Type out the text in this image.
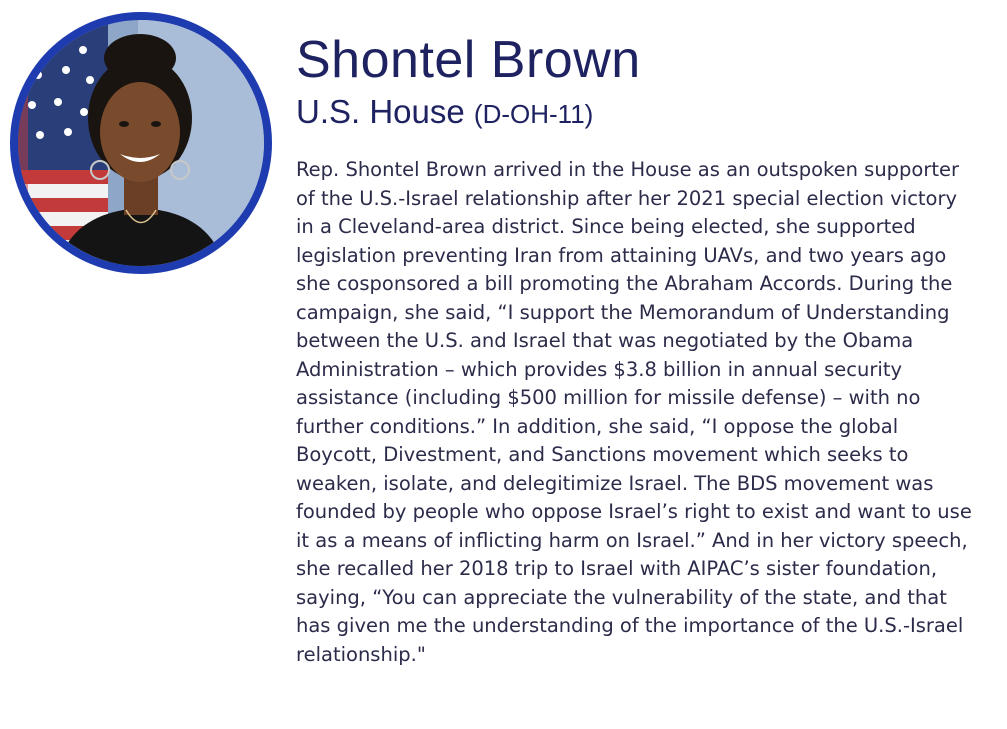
Shontel Brown
U.S. House (D-OH-11)

Rep. Shontel Brown arrived in the House as an outspoken supporter of the U.S.-Israel relationship after her 2021 special election victory in a Cleveland-area district. Since being elected, she supported legislation preventing Iran from attaining UAVs, and two years ago she cosponsored a bill promoting the Abraham Accords. During the campaign, she said, “I support the Memorandum of Understanding between the U.S. and Israel that was negotiated by the Obama Administration – which provides $3.8 billion in annual security assistance (including $500 million for missile defense) – with no further conditions.” In addition, she said, “I oppose the global Boycott, Divestment, and Sanctions movement which seeks to weaken, isolate, and delegitimize Israel. The BDS movement was founded by people who oppose Israel’s right to exist and want to use it as a means of inflicting harm on Israel.” And in her victory speech, she recalled her 2018 trip to Israel with AIPAC’s sister foundation, saying, “You can appreciate the vulnerability of the state, and that has given me the understanding of the importance of the U.S.-Israel relationship."
